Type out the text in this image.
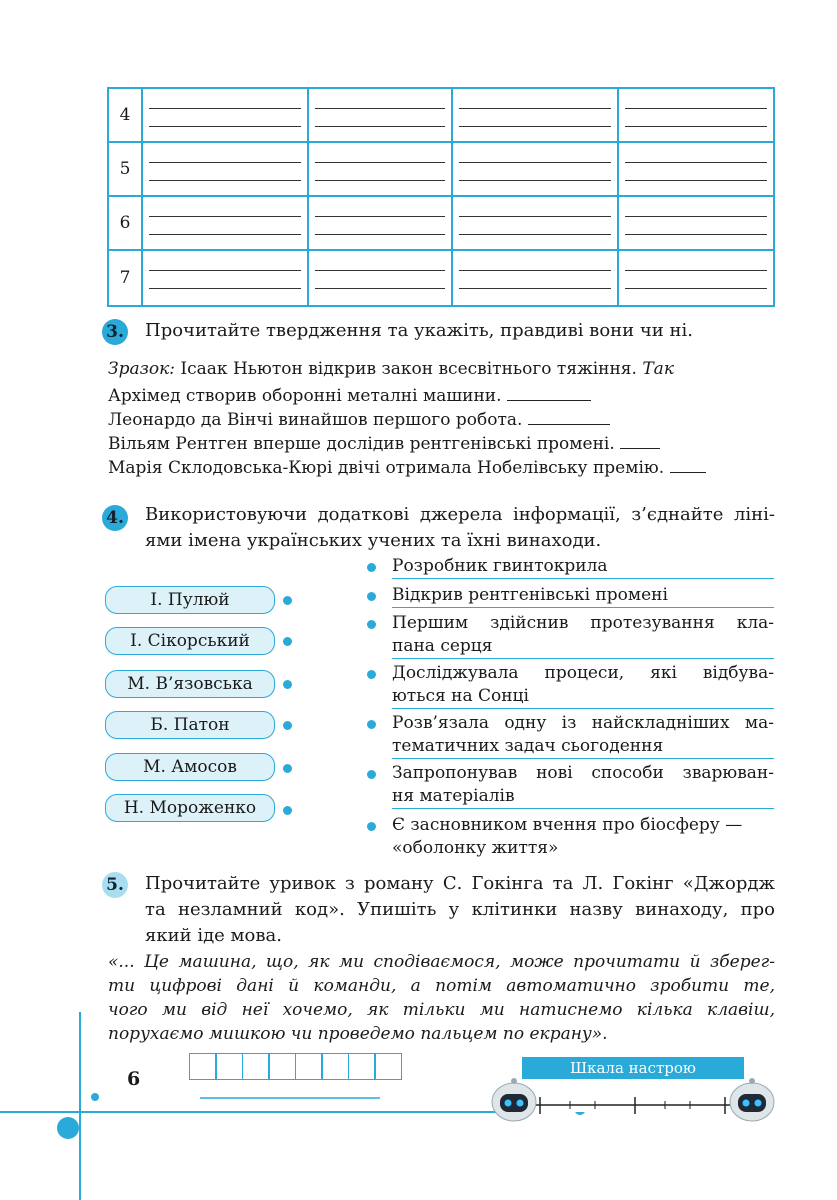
4
5
6
7
3. Прочитайте твердження та укажіть, правдиві вони чи ні.
Зразок: Ісаак Ньютон відкрив закон всесвітнього тяжіння. Так
Архімед створив оборонні металні машини.
Леонардо да Вінчі винайшов першого робота.
Вільям Рентген вперше дослідив рентгенівські промені.
Марія Склодовська-Кюрі двічі отримала Нобелівську премію.
4. Використовуючи додаткові джерела інформації, з’єднайте ліні-
ями імена українських учених та їхні винаходи.
І. Пулюй
І. Сікорський
М. В’язовська
Б. Патон
М. Амосов
Н. Мороженко
Розробник гвинтокрила
Відкрив рентгенівські промені
Першим здійснив протезування кла-
пана серця
Досліджувала процеси, які відбува-
ються на Сонці
Розв’язала одну із найскладніших ма-
тематичних задач сьогодення
Запропонував нові способи зварюван-
ня матеріалів
Є засновником вчення про біосферу —
«оболонку життя»
5. Прочитайте уривок з роману С. Гокінга та Л. Гокінг «Джордж
та незламний код». Упишіть у клітинки назву винаходу, про
який іде мова.
«... Це машина, що, як ми сподіваємося, може прочитати й зберег-
ти цифрові дані й команди, а потім автоматично зробити те,
чого ми від неї хочемо, як тільки ми натиснемо кілька клавіш,
поруxаємо мишкою чи проведемо пальцем по екрану».
6	Шкала настрою
